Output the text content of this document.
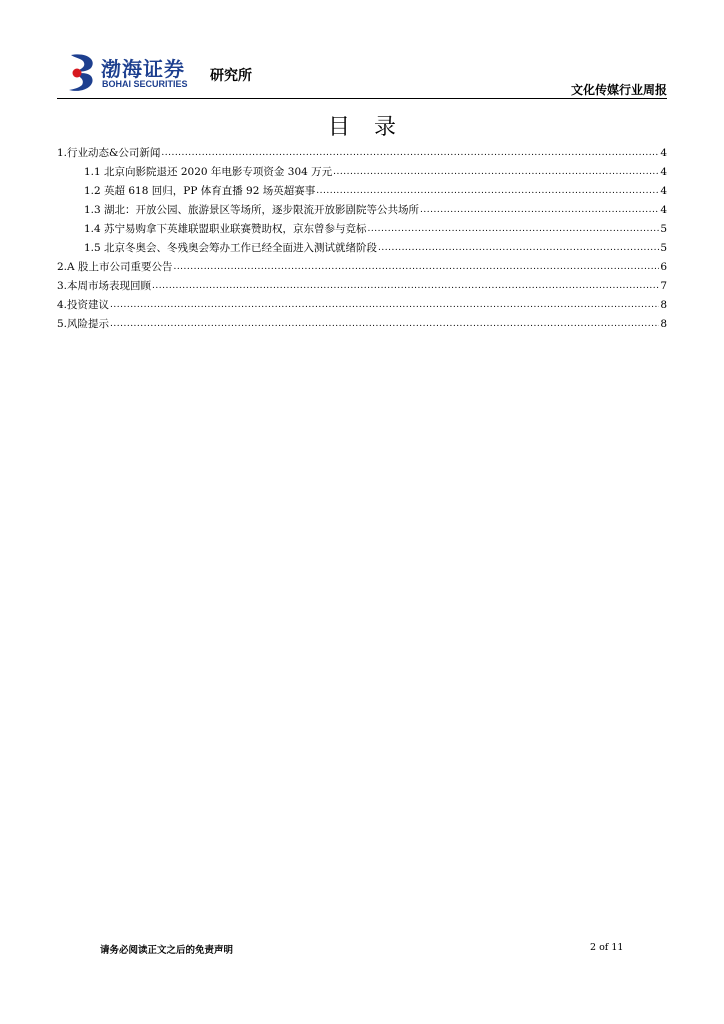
渤海证券
BOHAI SECURITIES 研究所
文化传媒行业周报
目录
1.行业动态&公司新闻 .....	4
1.1 北京向影院退还 2020 年电影专项资金 304 万元 .....	4
1.2 英超 618 回归，PP 体育直播 92 场英超赛事 .....	4
1.3 湖北：开放公园、旅游景区等场所，逐步限流开放影剧院等公共场所 .....	4
1.4 苏宁易购拿下英雄联盟职业联赛赞助权，京东曾参与竞标 .....	5
1.5 北京冬奥会、冬残奥会筹办工作已经全面进入测试就绪阶段 .....	5
2.A 股上市公司重要公告 .....	6
3.本周市场表现回顾 .....	7
4.投资建议 .....	8
5.风险提示 .....	8
请务必阅读正文之后的免责声明	2 of 11
